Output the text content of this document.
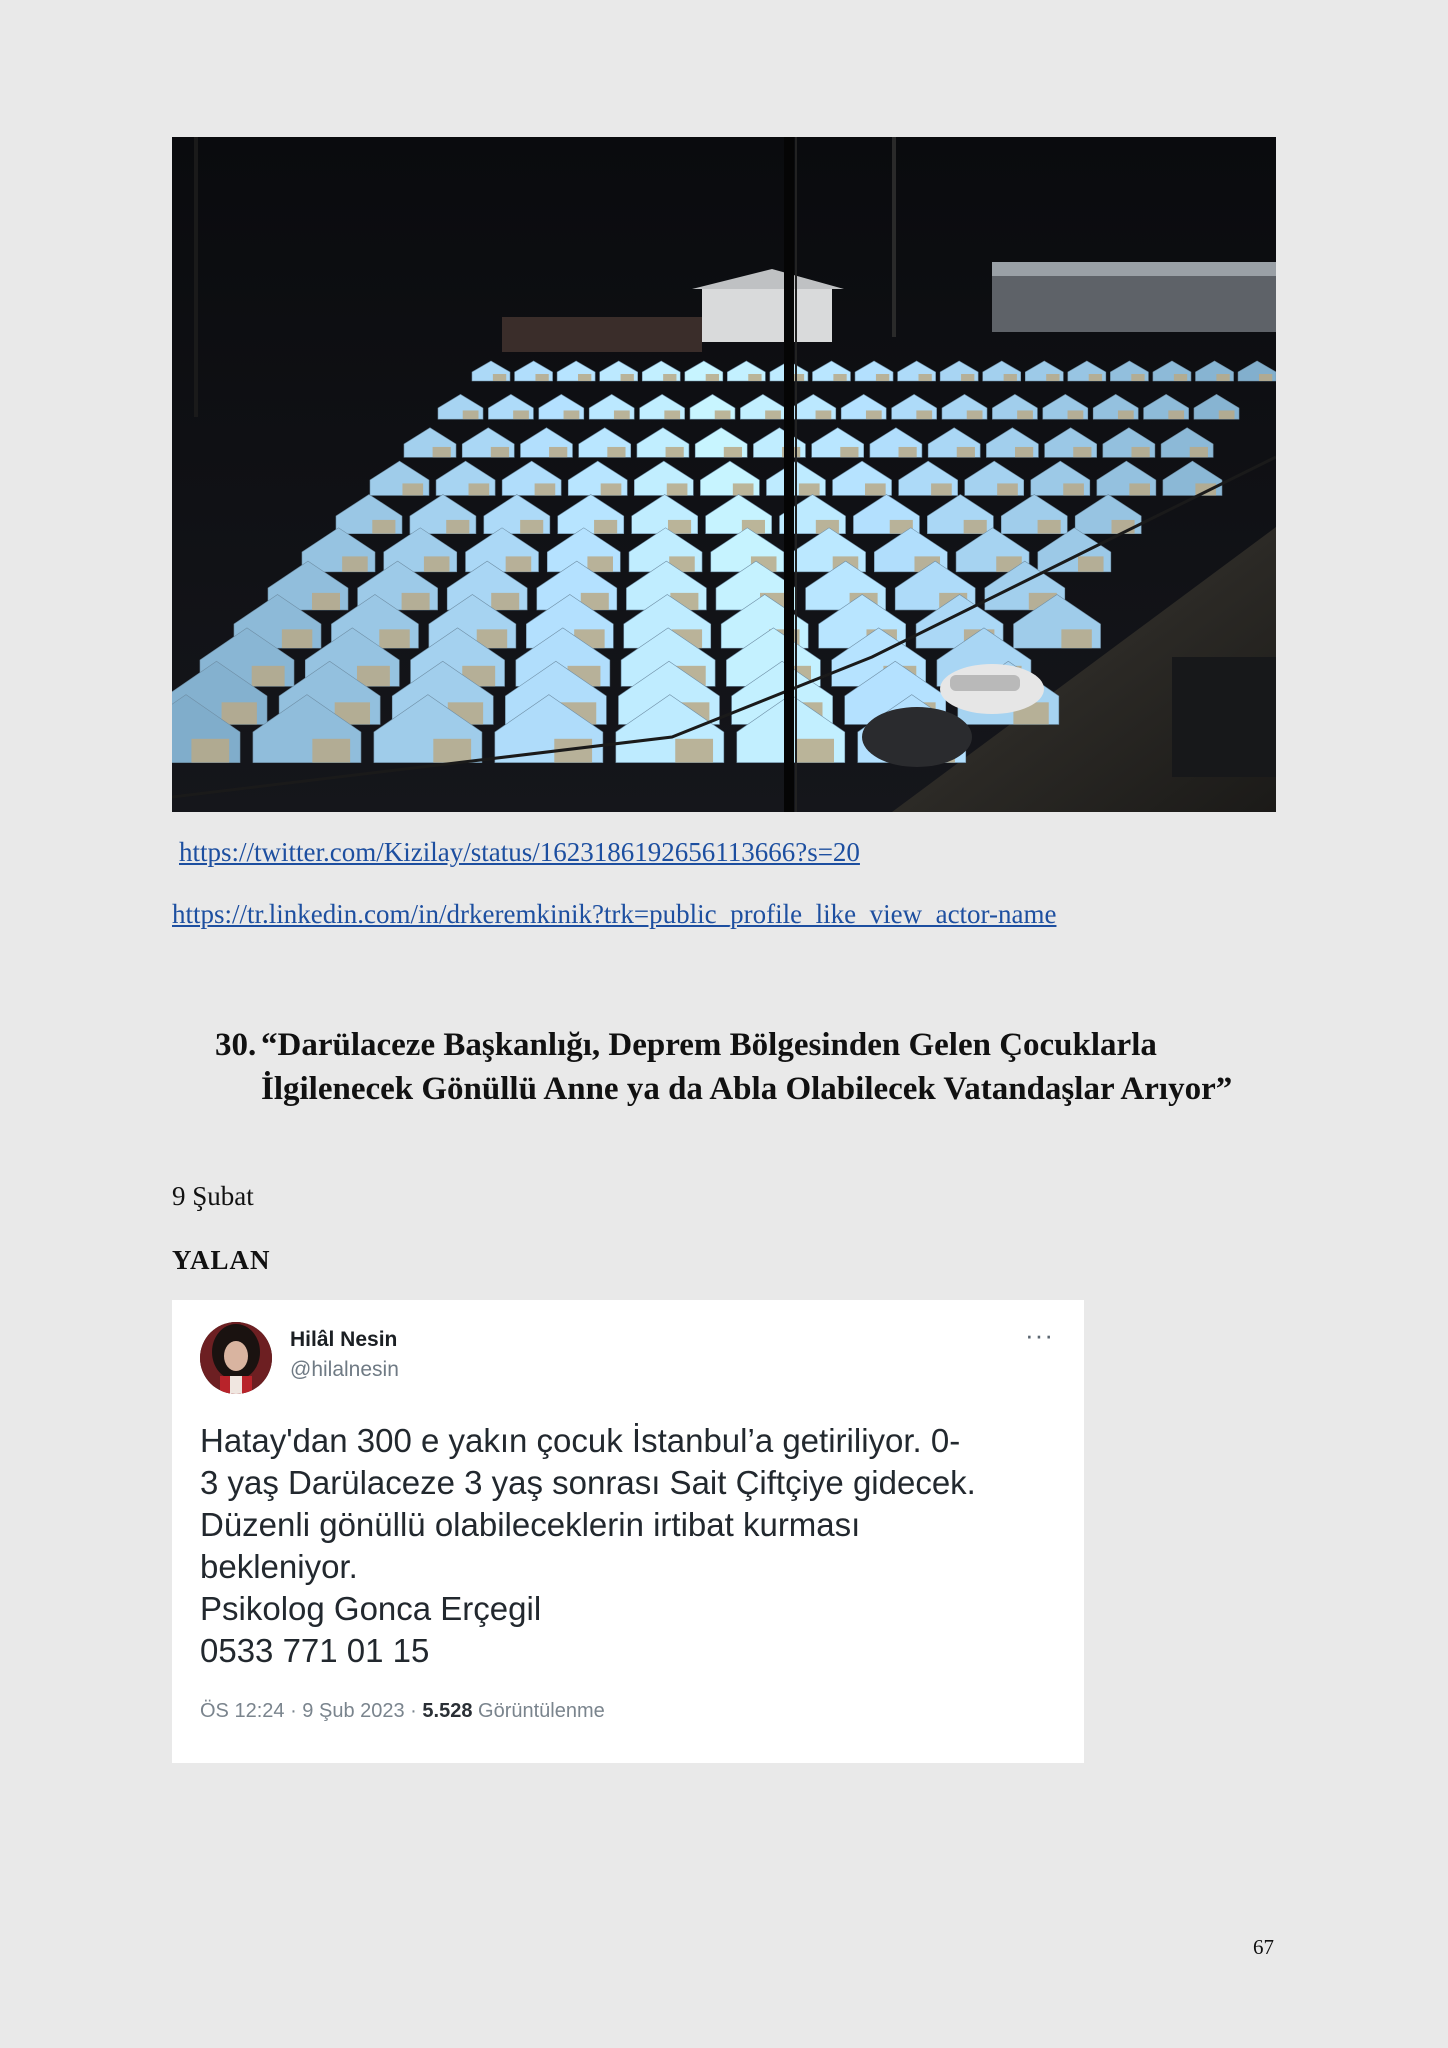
https://twitter.com/Kizilay/status/1623186192656113666?s=20
https://tr.linkedin.com/in/drkeremkinik?trk=public_profile_like_view_actor-name
30. “Darülaceze Başkanlığı, Deprem Bölgesinden Gelen Çocuklarla İlgilenecek Gönüllü Anne ya da Abla Olabilecek Vatandaşlar Arıyor”
9 Şubat
YALAN
Hilâl Nesin
@hilalnesin
···
Hatay'dan 300 e yakın çocuk İstanbul’a getiriliyor. 0-
3 yaş Darülaceze 3 yaş sonrası Sait Çiftçiye gidecek.
Düzenli gönüllü olabileceklerin irtibat kurması
bekleniyor.
Psikolog Gonca Erçegil
0533 771 01 15
ÖS 12:24 · 9 Şub 2023 · 5.528 Görüntülenme
67
